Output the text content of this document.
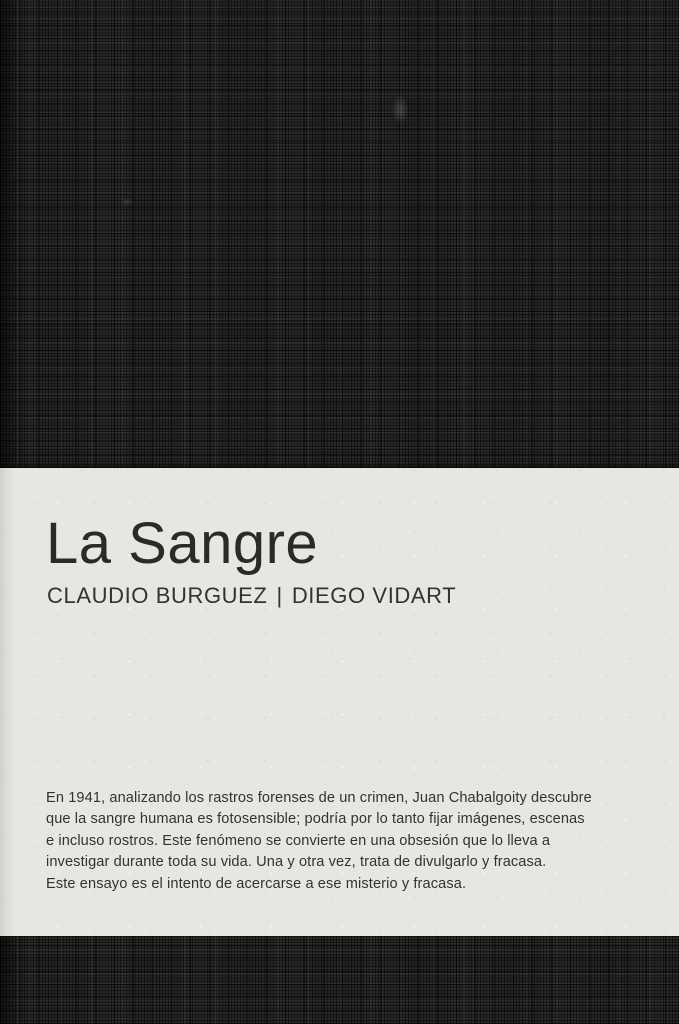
La Sangre
CLAUDIO BURGUEZ | DIEGO VIDART
En 1941, analizando los rastros forenses de un crimen, Juan Chabalgoity descubre
que la sangre humana es fotosensible; podría por lo tanto fijar imágenes, escenas
e incluso rostros. Este fenómeno se convierte en una obsesión que lo lleva a
investigar durante toda su vida. Una y otra vez, trata de divulgarlo y fracasa.
Este ensayo es el intento de acercarse a ese misterio y fracasa.
